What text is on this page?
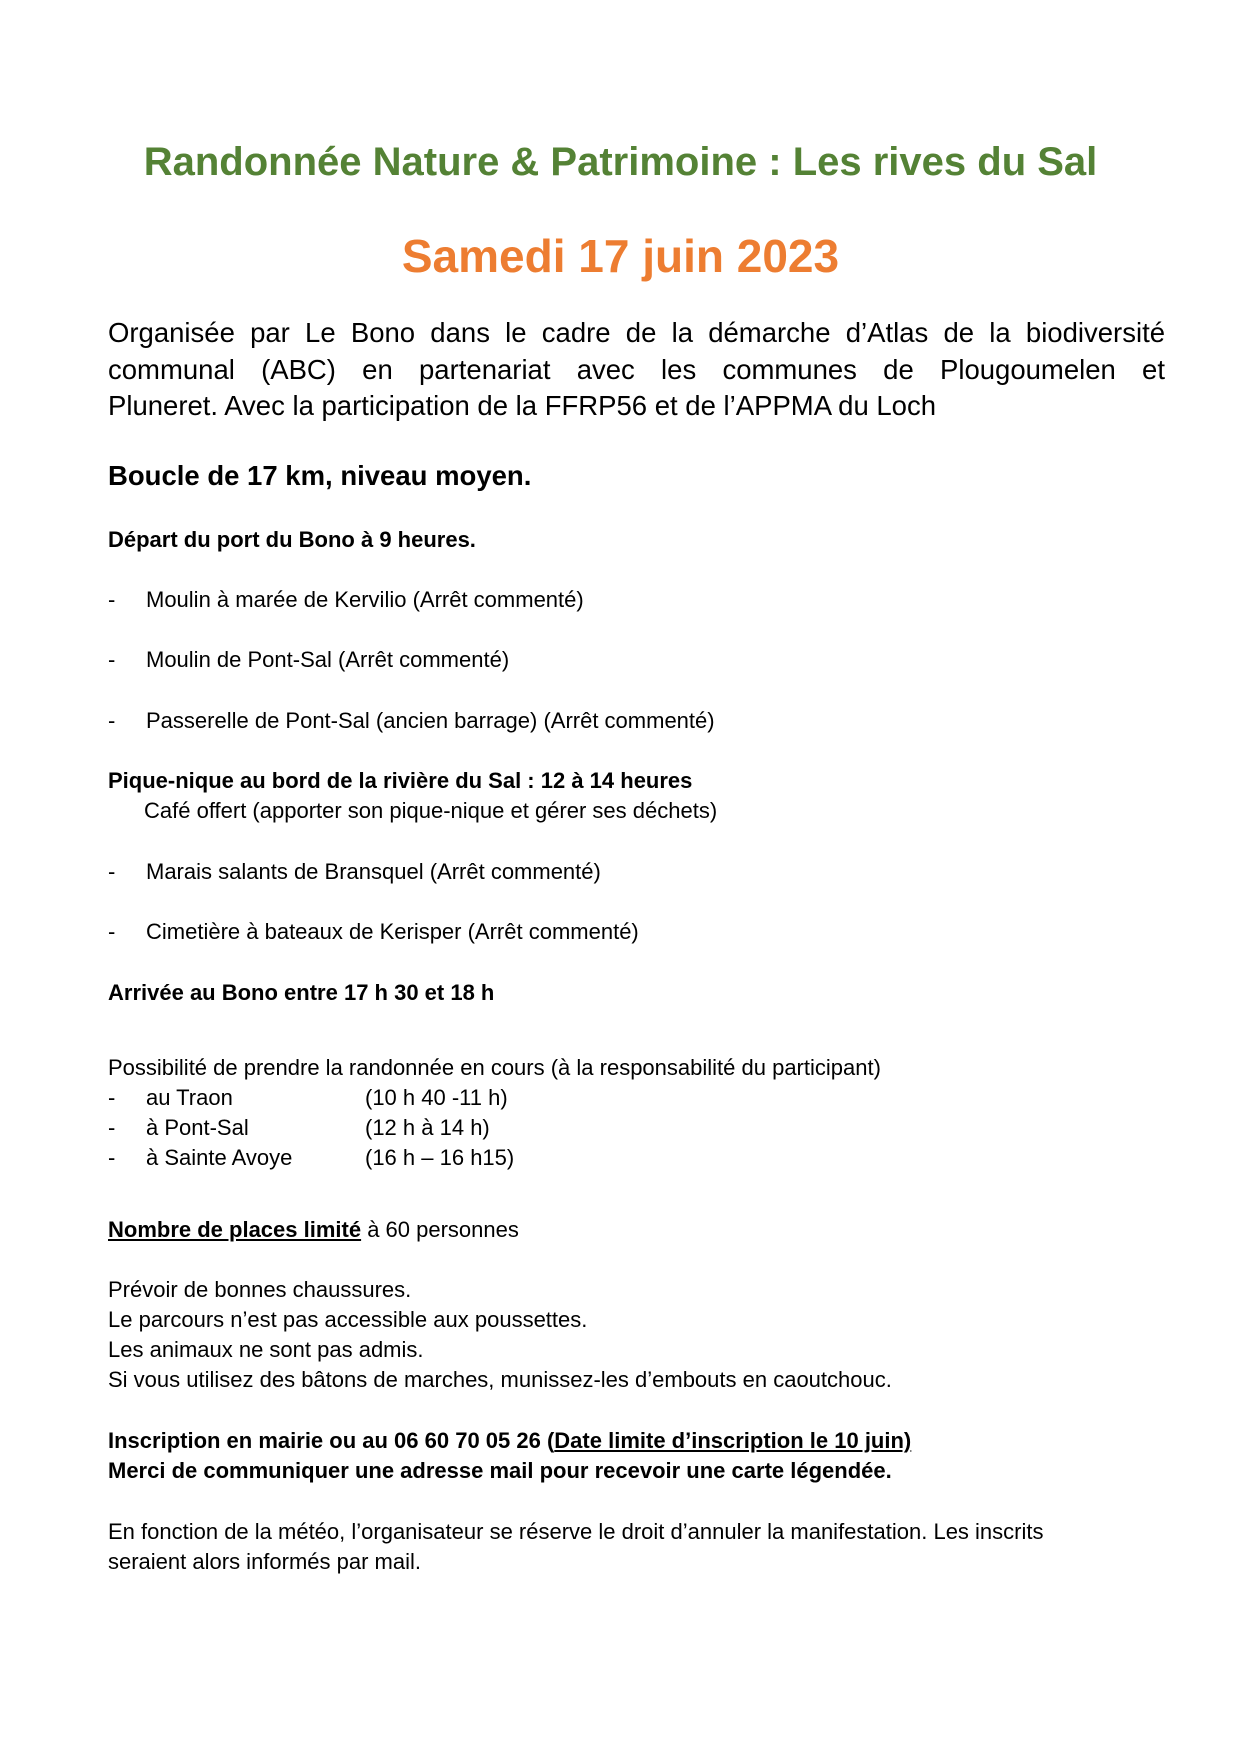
Randonnée Nature & Patrimoine : Les rives du Sal
Samedi 17 juin 2023
Organisée par Le Bono dans le cadre de la démarche d’Atlas de la biodiversité
communal (ABC) en partenariat avec les communes de Plougoumelen et
Pluneret. Avec la participation de la FFRP56 et de l’APPMA du Loch
Boucle de 17 km, niveau moyen.
Départ du port du Bono à 9 heures.
- Moulin à marée de Kervilio (Arrêt commenté)
- Moulin de Pont-Sal (Arrêt commenté)
- Passerelle de Pont-Sal (ancien barrage) (Arrêt commenté)
Pique-nique au bord de la rivière du Sal : 12 à 14 heures
Café offert (apporter son pique-nique et gérer ses déchets)
- Marais salants de Bransquel (Arrêt commenté)
- Cimetière à bateaux de Kerisper (Arrêt commenté)
Arrivée au Bono entre 17 h 30 et 18 h
Possibilité de prendre la randonnée en cours (à la responsabilité du participant)
- au Traon	(10 h 40 -11 h)
- à Pont-Sal	(12 h à 14 h)
- à Sainte Avoye	(16 h – 16 h15)
Nombre de places limité à 60 personnes
Prévoir de bonnes chaussures.
Le parcours n’est pas accessible aux poussettes.
Les animaux ne sont pas admis.
Si vous utilisez des bâtons de marches, munissez-les d’embouts en caoutchouc.
Inscription en mairie ou au 06 60 70 05 26 (Date limite d’inscription le 10 juin)
Merci de communiquer une adresse mail pour recevoir une carte légendée.
En fonction de la météo, l’organisateur se réserve le droit d’annuler la manifestation. Les inscrits
seraient alors informés par mail.
